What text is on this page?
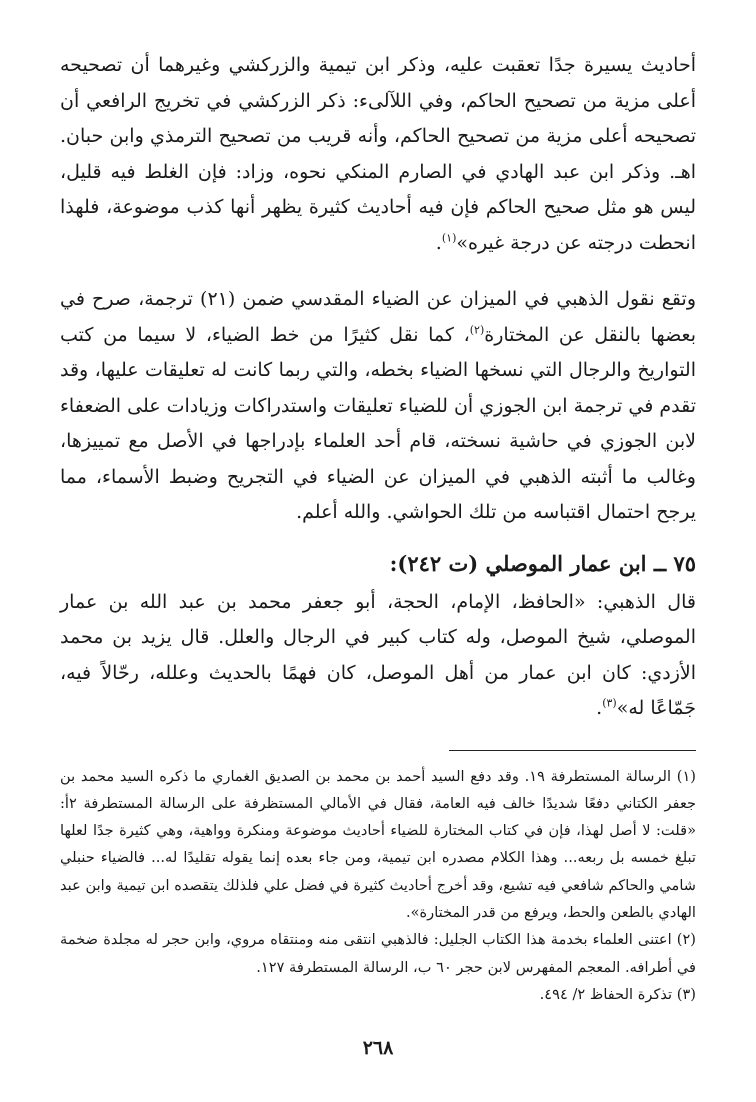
أحاديث يسيرة جدًا تعقبت عليه، وذكر ابن تيمية والزركشي وغيرهما أن تصحيحه أعلى مزية من تصحيح الحاكم، وفي اللآلىء: ذكر الزركشي في تخريج الرافعي أن تصحيحه أعلى مزية من تصحيح الحاكم، وأنه قريب من تصحيح الترمذي وابن حبان. اهـ. وذكر ابن عبد الهادي في الصارم المنكي نحوه، وزاد: فإن الغلط فيه قليل، ليس هو مثل صحيح الحاكم فإن فيه أحاديث كثيرة يظهر أنها كذب موضوعة، فلهذا انحطت درجته عن درجة غيره»$^{(١)}$.

وتقع نقول الذهبي في الميزان عن الضياء المقدسي ضمن (٢١) ترجمة، صرح في بعضها بالنقل عن المختارة$^{(٢)}$، كما نقل كثيرًا من خط الضياء، لا سيما من كتب التواريخ والرجال التي نسخها الضياء بخطه، والتي ربما كانت له تعليقات عليها، وقد تقدم في ترجمة ابن الجوزي أن للضياء تعليقات واستدراكات وزيادات على الضعفاء لابن الجوزي في حاشية نسخته، قام أحد العلماء بإدراجها في الأصل مع تمييزها، وغالب ما أثبته الذهبي في الميزان عن الضياء في التجريح وضبط الأسماء، مما يرجح احتمال اقتباسه من تلك الحواشي. والله أعلم.

٧٥ ــ ابن عمار الموصلي (ت ٢٤٢):

قال الذهبي: «الحافظ، الإمام، الحجة، أبو جعفر محمد بن عبد الله بن عمار الموصلي، شيخ الموصل، وله كتاب كبير في الرجال والعلل. قال يزيد بن محمد الأزدي: كان ابن عمار من أهل الموصل، كان فهمًا بالحديث وعلله، رحّالاً فيه، جَمّاعًا له»$^{(٣)}$.

(١) الرسالة المستطرفة ١٩. وقد دفع السيد أحمد بن محمد بن الصديق الغماري ما ذكره السيد محمد بن جعفر الكتاني دفعًا شديدًا خالف فيه العامة، فقال في الأمالي المستظرفة على الرسالة المستطرفة ٢أ: «قلت: لا أصل لهذا، فإن في كتاب المختارة للضياء أحاديث موضوعة ومنكرة وواهية، وهي كثيرة جدًا لعلها تبلغ خمسه بل ربعه... وهذا الكلام مصدره ابن تيمية، ومن جاء بعده إنما يقوله تقليدًا له... فالضياء حنبلي شامي والحاكم شافعي فيه تشيع، وقد أخرج أحاديث كثيرة في فضل علي فلذلك يتقصده ابن تيمية وابن عبد الهادي بالطعن والحط، ويرفع من قدر المختارة».

(٢) اعتنى العلماء بخدمة هذا الكتاب الجليل: فالذهبي انتقى منه ومنتقاه مروي، وابن حجر له مجلدة ضخمة في أطرافه. المعجم المفهرس لابن حجر ٦٠ ب، الرسالة المستطرفة ١٢٧.

(٣) تذكرة الحفاظ ٢/ ٤٩٤.

٢٦٨
